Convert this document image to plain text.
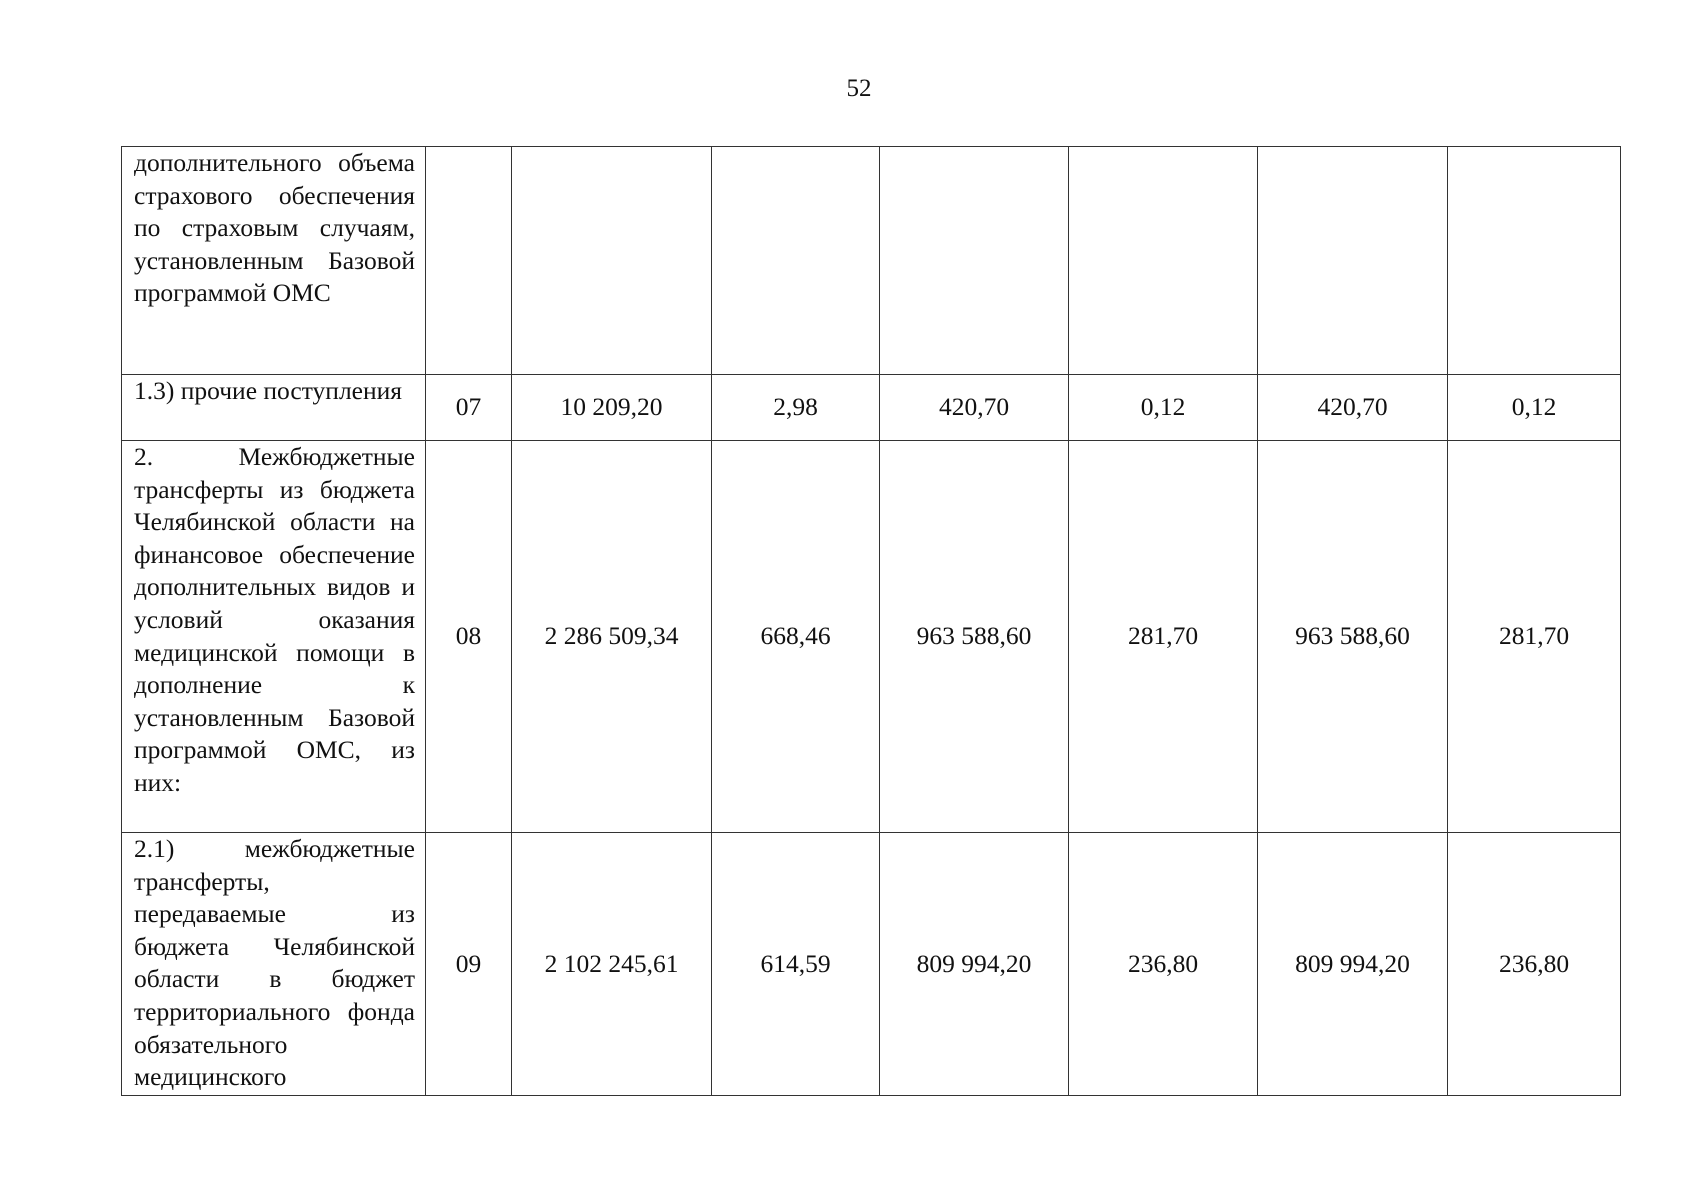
52
дополнительного объема страхового обеспечения по страховым случаям, установленным Базовой программой ОМС							
1.3) прочие поступления	07	10 209,20	2,98	420,70	0,12	420,70	0,12
2. Межбюджетные трансферты из бюджета Челябинской области на финансовое обеспечение дополнительных видов и условий оказания медицинской помощи в дополнение к установленным Базовой программой ОМС, из них:	08	2 286 509,34	668,46	963 588,60	281,70	963 588,60	281,70
2.1) межбюджетные трансферты, передаваемые из бюджета Челябинской области в бюджет территориального фонда обязательного медицинского	09	2 102 245,61	614,59	809 994,20	236,80	809 994,20	236,80
